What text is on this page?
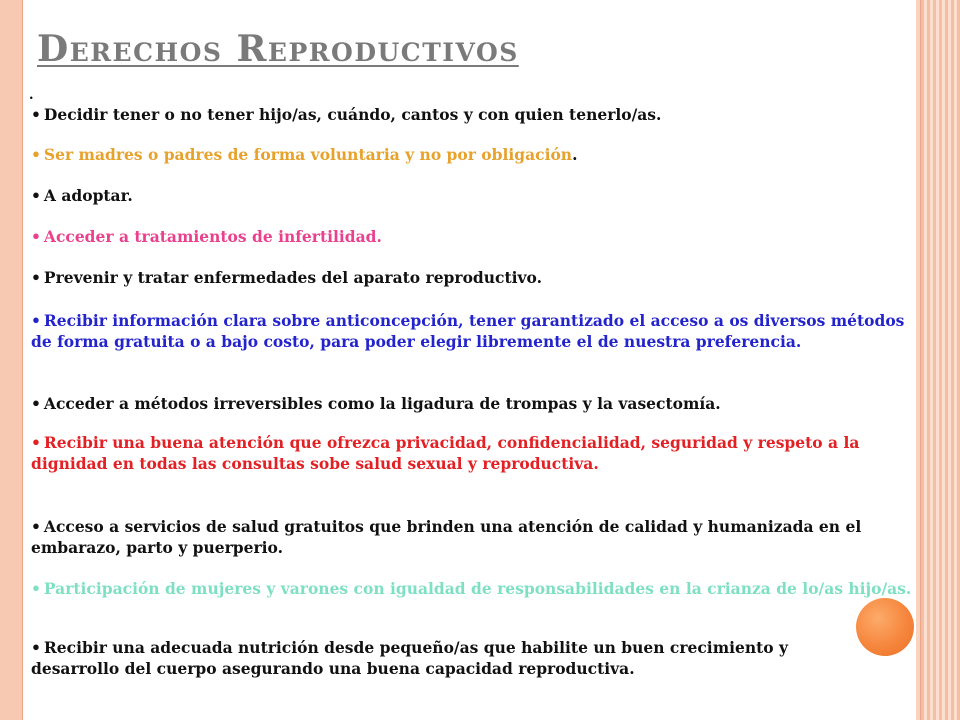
Derechos Reproductivos
.
• Decidir tener o no tener hijo/as, cuándo, cantos y con quien tenerlo/as.
• Ser madres o padres de forma voluntaria y no por obligación.
• A adoptar.
• Acceder a tratamientos de infertilidad.
• Prevenir y tratar enfermedades del aparato reproductivo.
• Recibir información clara sobre anticoncepción, tener garantizado el acceso a os diversos métodos de forma gratuita o a bajo costo, para poder elegir libremente el de nuestra preferencia.
• Acceder a métodos irreversibles como la ligadura de trompas y la vasectomía.
• Recibir una buena atención que ofrezca privacidad, confidencialidad, seguridad y respeto a la dignidad en todas las consultas sobe salud sexual y reproductiva.
• Acceso a servicios de salud gratuitos que brinden una atención de calidad y humanizada en el embarazo, parto y puerperio.
• Participación de mujeres y varones con igualdad de responsabilidades en la crianza de lo/as hijo/as.
• Recibir una adecuada nutrición desde pequeño/as que habilite un buen crecimiento y desarrollo del cuerpo asegurando una buena capacidad reproductiva.
